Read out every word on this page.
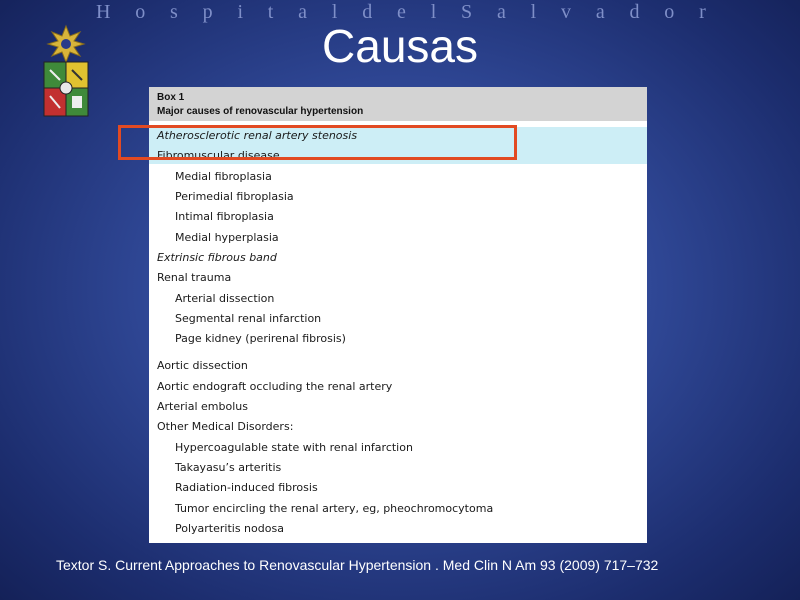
H o s p i t a l d e l S a l v a d o r
Causas
Box 1
Major causes of renovascular hypertension
Atherosclerotic renal artery stenosis
Fibromuscular disease
Medial fibroplasia
Perimedial fibroplasia
Intimal fibroplasia
Medial hyperplasia
Extrinsic fibrous band
Renal trauma
Arterial dissection
Segmental renal infarction
Page kidney (perirenal fibrosis)
Aortic dissection
Aortic endograft occluding the renal artery
Arterial embolus
Other Medical Disorders:
Hypercoagulable state with renal infarction
Takayasu’s arteritis
Radiation-induced fibrosis
Tumor encircling the renal artery, eg, pheochromocytoma
Polyarteritis nodosa
Textor S. Current Approaches to Renovascular Hypertension . Med Clin N Am 93 (2009) 717–732
